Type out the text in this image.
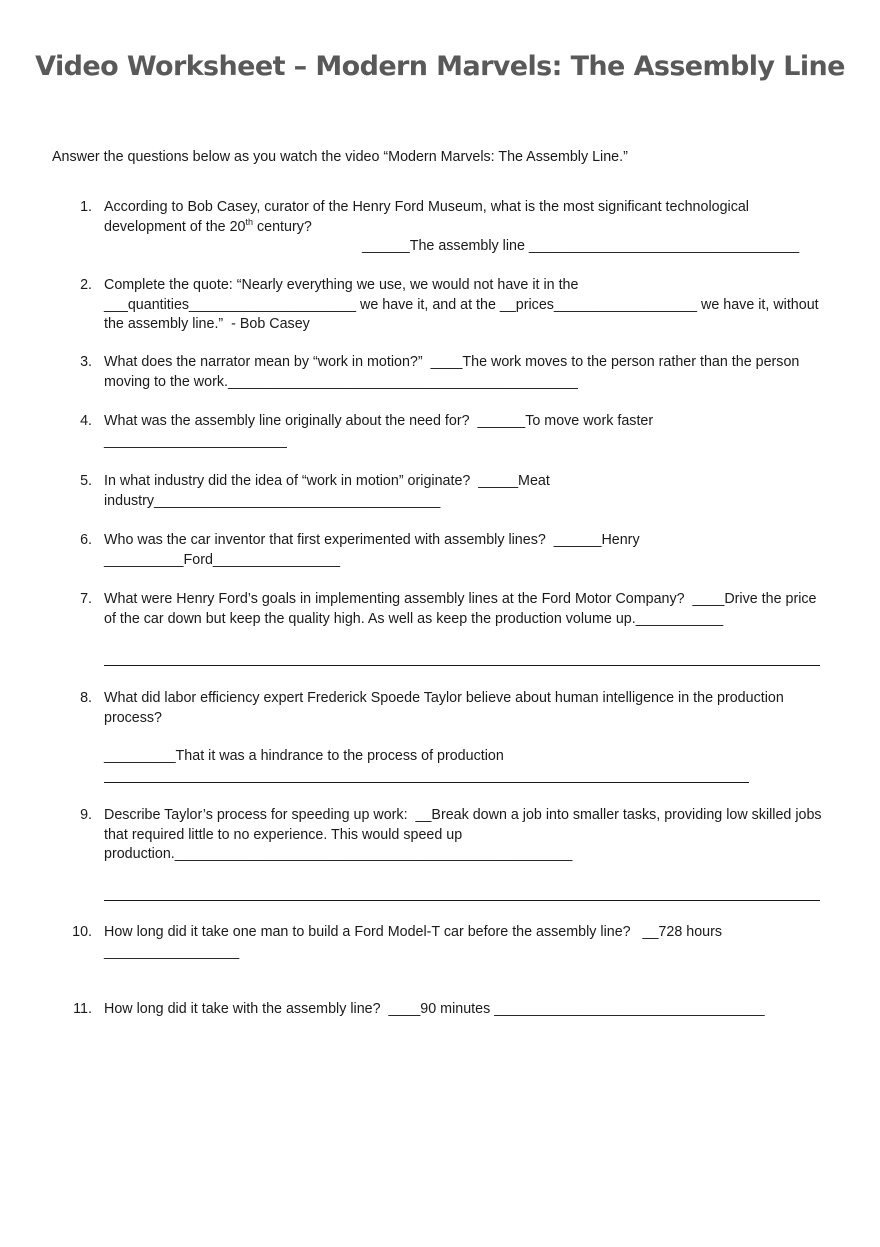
Video Worksheet – Modern Marvels: The Assembly Line
Answer the questions below as you watch the video “Modern Marvels: The Assembly Line.”
1. According to Bob Casey, curator of the Henry Ford Museum, what is the most significant technological
development of the 20th century?
______The assembly line __________________________________
2. Complete the quote: “Nearly everything we use, we would not have it in the
___quantities_____________________ we have it, and at the __prices__________________ we have it, without
the assembly line.”  - Bob Casey
3. What does the narrator mean by “work in motion?”  ____The work moves to the person rather than the person
moving to the work.____________________________________________
4. What was the assembly line originally about the need for?  ______To move work faster
_______________________
5. In what industry did the idea of “work in motion” originate?  _____Meat
industry____________________________________
6. Who was the car inventor that first experimented with assembly lines?  ______Henry
__________Ford________________
7. What were Henry Ford’s goals in implementing assembly lines at the Ford Motor Company?  ____Drive the price
of the car down but keep the quality high. As well as keep the production volume up.___________
8. What did labor efficiency expert Frederick Spoede Taylor believe about human intelligence in the production
process?
_________That it was a hindrance to the process of production
9. Describe Taylor’s process for speeding up work:  __Break down a job into smaller tasks, providing low skilled jobs
that required little to no experience. This would speed up
production.__________________________________________________
10. How long did it take one man to build a Ford Model-T car before the assembly line?   __728 hours
_________________
11. How long did it take with the assembly line?  ____90 minutes __________________________________
